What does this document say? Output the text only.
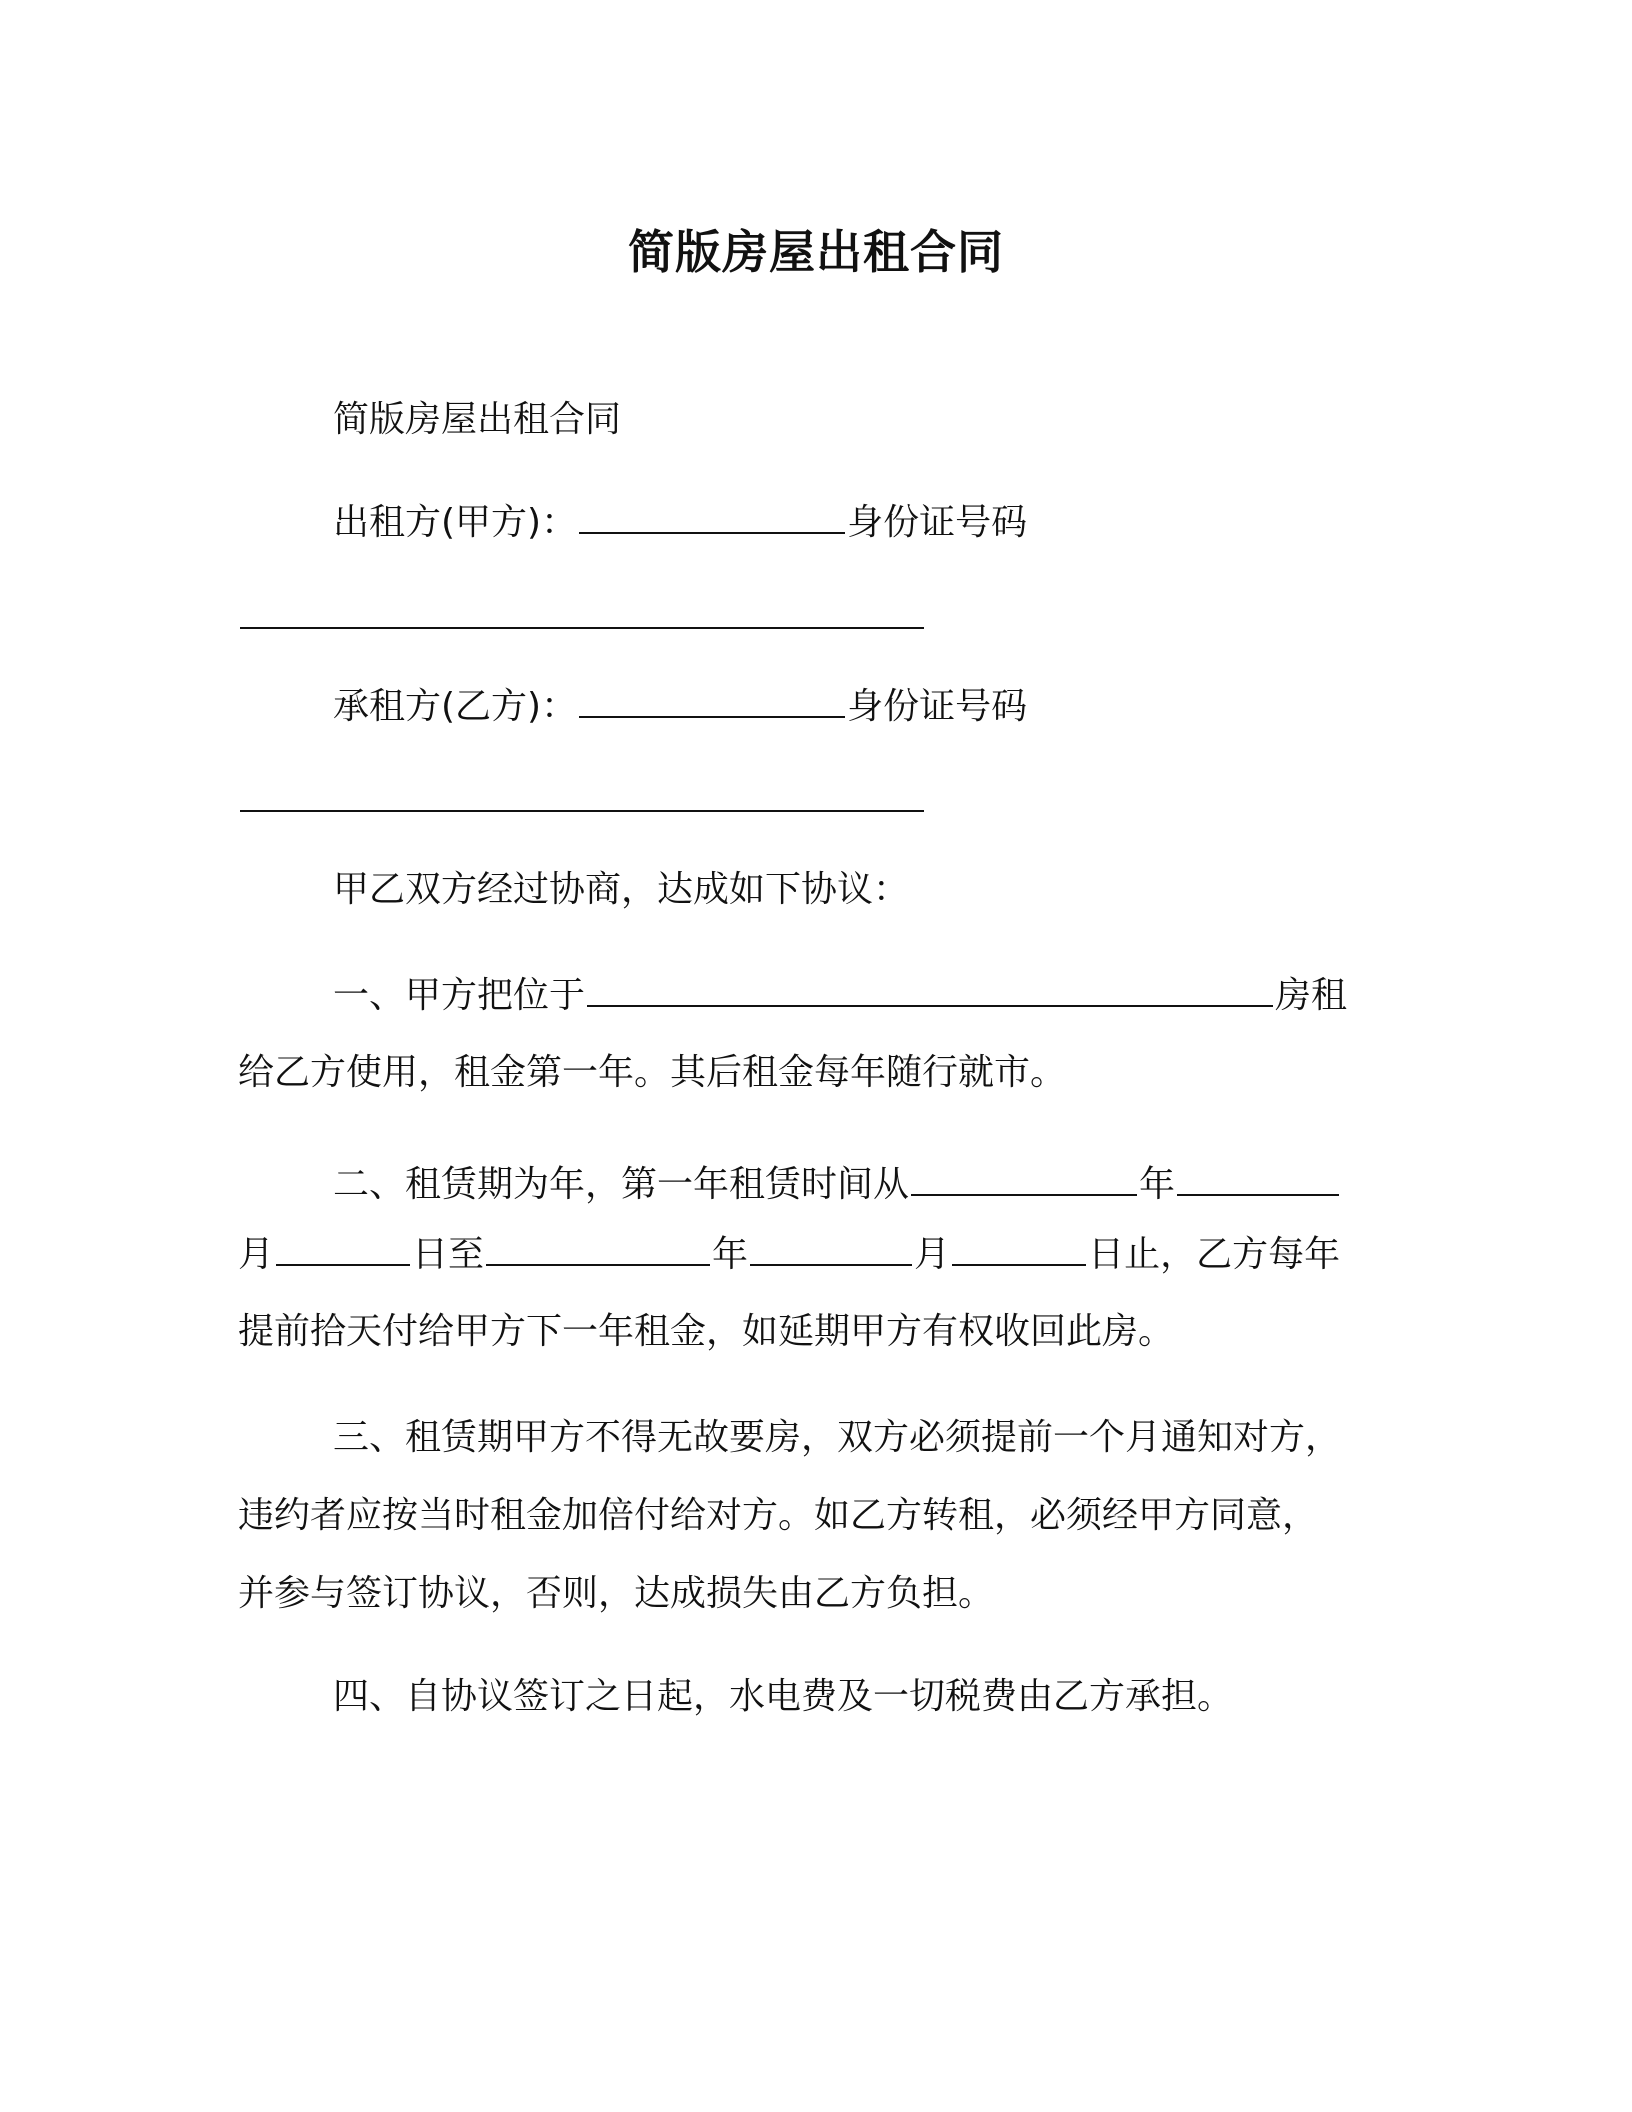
简版房屋出租合同
简版房屋出租合同
出租方(甲方)：	身份证号码
承租方(乙方)：	身份证号码
甲乙双方经过协商，达成如下协议：
一、甲方把位于	房租
给乙方使用，租金第一年。其后租金每年随行就市。
二、租赁期为年，第一年租赁时间从	年
月	日至	年	月	日止，乙方每年
提前拾天付给甲方下一年租金，如延期甲方有权收回此房。
三、租赁期甲方不得无故要房，双方必须提前一个月通知对方，
违约者应按当时租金加倍付给对方。如乙方转租，必须经甲方同意，
并参与签订协议，否则，达成损失由乙方负担。
四、自协议签订之日起，水电费及一切税费由乙方承担。
